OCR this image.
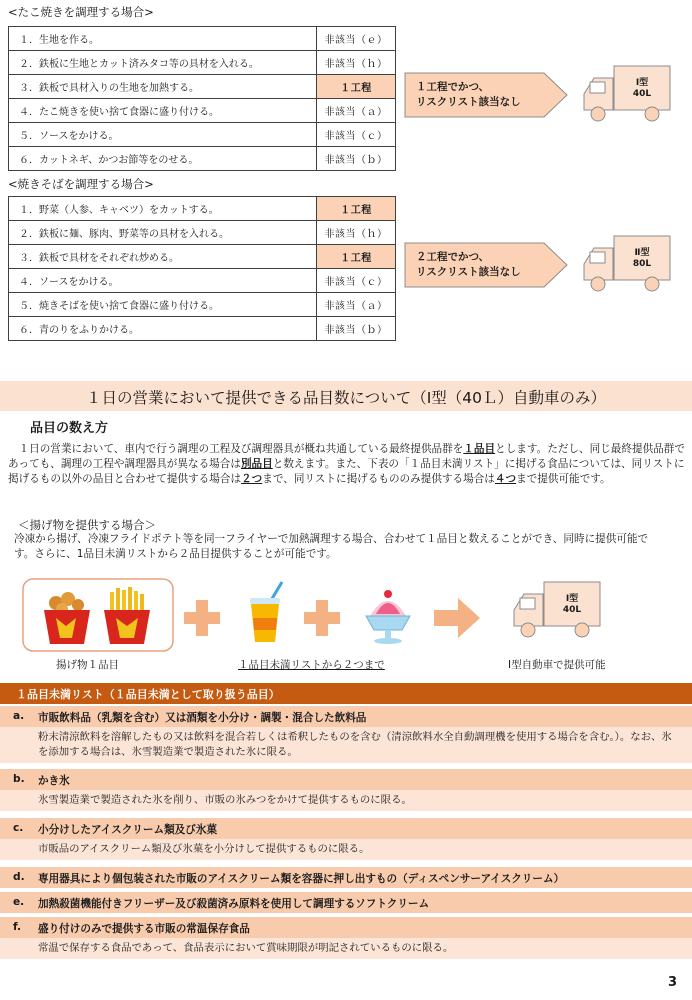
<たこ焼きを調理する場合>
１．生地を作る。	非該当（ｅ）
２．鉄板に生地とカット済みタコ等の具材を入れる。	非該当（ｈ）
３．鉄板で具材入りの生地を加熱する。	１工程
４．たこ焼きを使い捨て食器に盛り付ける。	非該当（ａ）
５．ソースをかける。	非該当（ｃ）
６．カットネギ、かつお節等をのせる。	非該当（ｂ）
１工程でかつ、
リスクリスト該当なし
Ⅰ型
40L
<焼きそばを調理する場合>
１．野菜（人参、キャベツ）をカットする。	１工程
２．鉄板に麺、豚肉、野菜等の具材を入れる。	非該当（ｈ）
３．鉄板で具材をそれぞれ炒める。	１工程
４．ソースをかける。	非該当（ｃ）
５．焼きそばを使い捨て食器に盛り付ける。	非該当（ａ）
６．青のりをふりかける。	非該当（ｂ）
２工程でかつ、
リスクリスト該当なし
Ⅱ型
80L
１日の営業において提供できる品目数について（Ⅰ型（40Ｌ）自動車のみ）
品目の数え方

　１日の営業において、車内で行う調理の工程及び調理器具が概ね共通している最終提供品群を１品目とします。ただし、同じ最終提供品群であっても、調理の工程や調理器具が異なる場合は別品目と数えます。また、下表の「１品目未満リスト」に掲げる食品については、同リストに掲げるもの以外の品目と合わせて提供する場合は２つまで、同リストに掲げるもののみ提供する場合は４つまで提供可能です。

＜揚げ物を提供する場合＞

冷凍から揚げ、冷凍フライドポテト等を同一フライヤーで加熱調理する場合、合わせて１品目と数えることができ、同時に提供可能です。さらに、1品目未満リストから２品目提供することが可能です。

Ⅰ型
40L
揚げ物１品目	１品目未満リストから２つまで	Ⅰ型自動車で提供可能
１品目未満リスト（１品目未満として取り扱う品目）
a. 市販飲料品（乳類を含む）又は酒類を小分け・調製・混合した飲料品
粉末清涼飲料を溶解したもの又は飲料を混合若しくは希釈したものを含む（清涼飲料水全自動調理機を使用する場合を含む。）。なお、氷を添加する場合は、氷雪製造業で製造された氷に限る。
b. かき氷
氷雪製造業で製造された氷を削り、市販の氷みつをかけて提供するものに限る。
c. 小分けしたアイスクリーム類及び氷菓
市販品のアイスクリーム類及び氷菓を小分けして提供するものに限る。
d. 専用器具により個包装された市販のアイスクリーム類を容器に押し出すもの（ディスペンサーアイスクリーム）
e. 加熱殺菌機能付きフリーザー及び殺菌済み原料を使用して調理するソフトクリーム
f. 盛り付けのみで提供する市販の常温保存食品
常温で保存する食品であって、食品表示において賞味期限が明記されているものに限る。
3
